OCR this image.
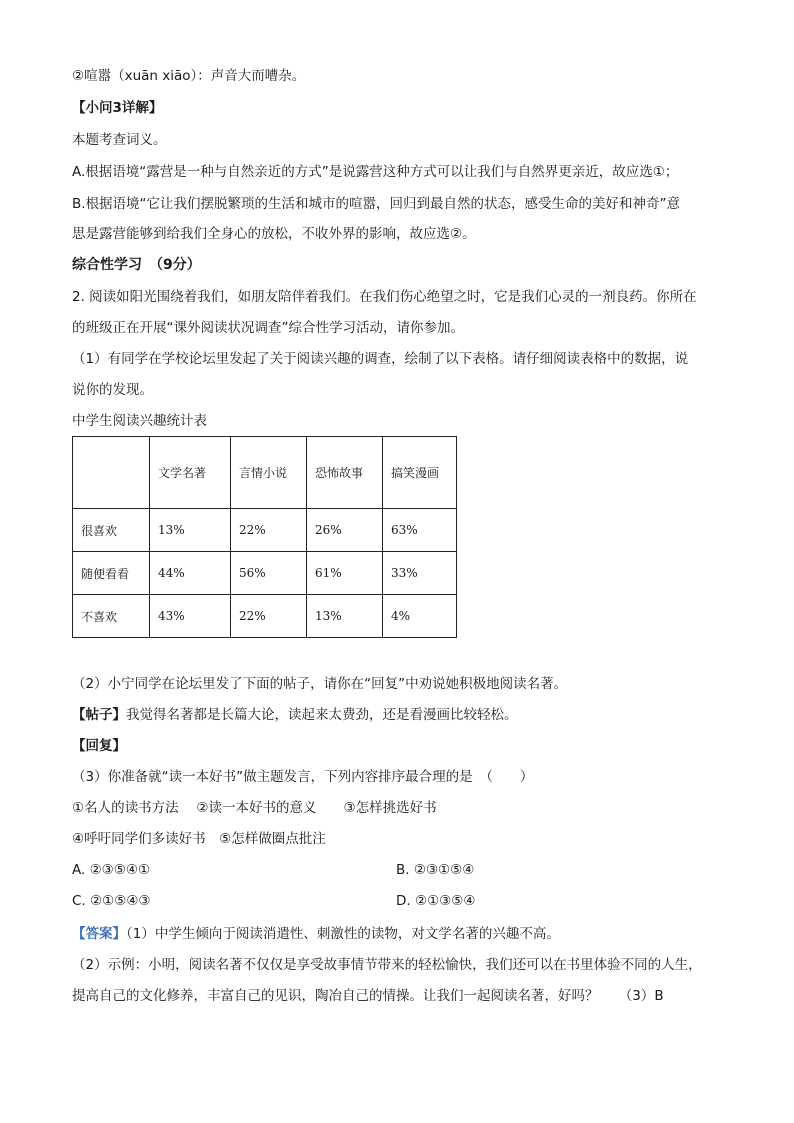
②喧嚣（xuān xiāo）：声音大而嘈杂。
【小问3详解】
本题考查词义。
A.根据语境“露营是一种与自然亲近的方式”是说露营这种方式可以让我们与自然界更亲近，故应选①；
B.根据语境“它让我们摆脱繁琐的生活和城市的喧嚣，回归到最自然的状态，感受生命的美好和神奇”意
思是露营能够到给我们全身心的放松，不收外界的影响，故应选②。
综合性学习　（9分）
2. 阅读如阳光围绕着我们，如朋友陪伴着我们。在我们伤心绝望之时，它是我们心灵的一剂良药。你所在
的班级正在开展“课外阅读状况调查”综合性学习活动，请你参加。
（1）有同学在学校论坛里发起了关于阅读兴趣的调查，绘制了以下表格。请仔细阅读表格中的数据，说
说你的发现。
中学生阅读兴趣统计表
	文学名著	言情小说	恐怖故事	搞笑漫画
很喜欢	13%	22%	26%	63%
随便看看	44%	56%	61%	33%
不喜欢	43%	22%	13%	4%
（2）小宁同学在论坛里发了下面的帖子，请你在“回复”中劝说她积极地阅读名著。
【帖子】我觉得名著都是长篇大论，读起来太费劲，还是看漫画比较轻松。
【回复】
（3）你准备就“读一本好书”做主题发言，下列内容排序最合理的是　（　　）
①名人的读书方法　 ②读一本好书的意义　　③怎样挑选好书
④呼吁同学们多读好书　⑤怎样做圈点批注
A. ②③⑤④①	B. ②③①⑤④
C. ②①⑤④③	D. ②①③⑤④
【答案】（1）中学生倾向于阅读消遣性、刺激性的读物，对文学名著的兴趣不高。
（2）示例：小明，阅读名著不仅仅是享受故事情节带来的轻松愉快，我们还可以在书里体验不同的人生，
提高自己的文化修养，丰富自己的见识，陶冶自己的情操。让我们一起阅读名著，好吗？　　（3）B
